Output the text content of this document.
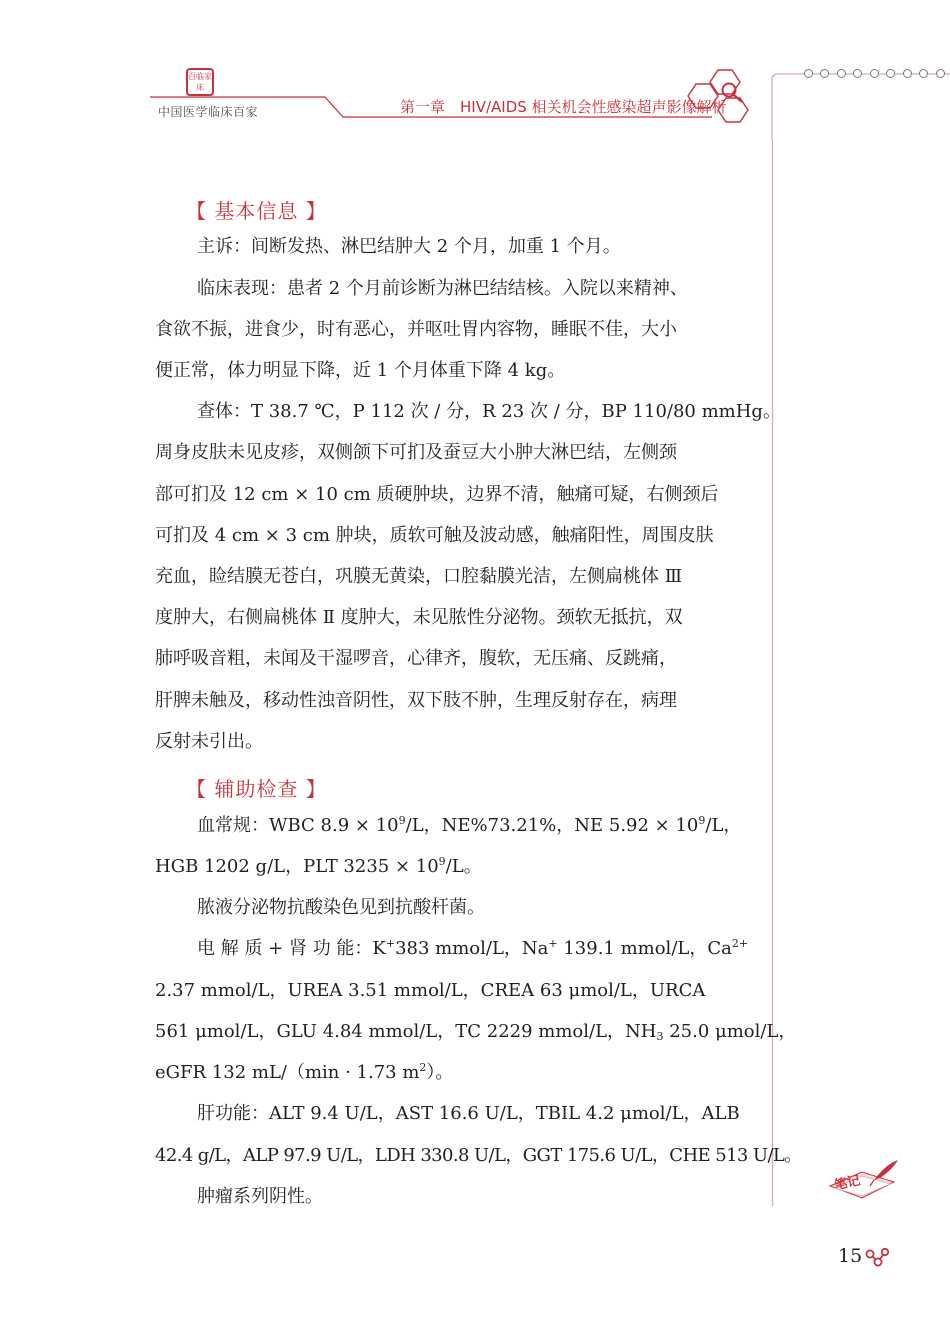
百临家床
中国医学临床百家	第一章　HIV/AIDS 相关机会性感染超声影像解析
【 基本信息 】
主诉：间断发热、淋巴结肿大 2 个月，加重 1 个月。
临床表现：患者 2 个月前诊断为淋巴结结核。入院以来精神、
食欲不振，进食少，时有恶心，并呕吐胃内容物，睡眠不佳，大小
便正常，体力明显下降，近 1 个月体重下降 4 kg。
查体：T 38.7 ℃，P 112 次 / 分，R 23 次 / 分，BP 110/80 mmHg。
周身皮肤未见皮疹，双侧颌下可扪及蚕豆大小肿大淋巴结，左侧颈
部可扪及 12 cm × 10 cm 质硬肿块，边界不清，触痛可疑，右侧颈后
可扪及 4 cm × 3 cm 肿块，质软可触及波动感，触痛阳性，周围皮肤
充血，睑结膜无苍白，巩膜无黄染，口腔黏膜光洁，左侧扁桃体 Ⅲ
度肿大，右侧扁桃体 Ⅱ 度肿大，未见脓性分泌物。颈软无抵抗，双
肺呼吸音粗，未闻及干湿啰音，心律齐，腹软，无压痛、反跳痛，
肝脾未触及，移动性浊音阴性，双下肢不肿，生理反射存在，病理
反射未引出。
【 辅助检查 】
血常规：WBC $8.9 \times 10^9/L$，NE%73.21%，NE $5.92 \times 10^9/L$，
HGB 1202 g/L，PLT $3235 \times 10^9/L$。
脓液分泌物抗酸染色见到抗酸杆菌。
电 解 质 + 肾 功 能：K+383 mmol/L，Na+ 139.1 mmol/L，$Ca^{2+}$
2.37 mmol/L，UREA 3.51 mmol/L，CREA 63 μmol/L，URCA
561 μmol/L，GLU 4.84 mmol/L，TC 2229 mmol/L，$NH_3$ 25.0 μmol/L，
eGFR 132 mL/（min · 1.73 $m^2$）。
肝功能：ALT 9.4 U/L，AST 16.6 U/L，TBIL 4.2 μmol/L，ALB
42.4 g/L，ALP 97.9 U/L，LDH 330.8 U/L，GGT 175.6 U/L，CHE 513 U/L。
肿瘤系列阴性。
笔记
15
